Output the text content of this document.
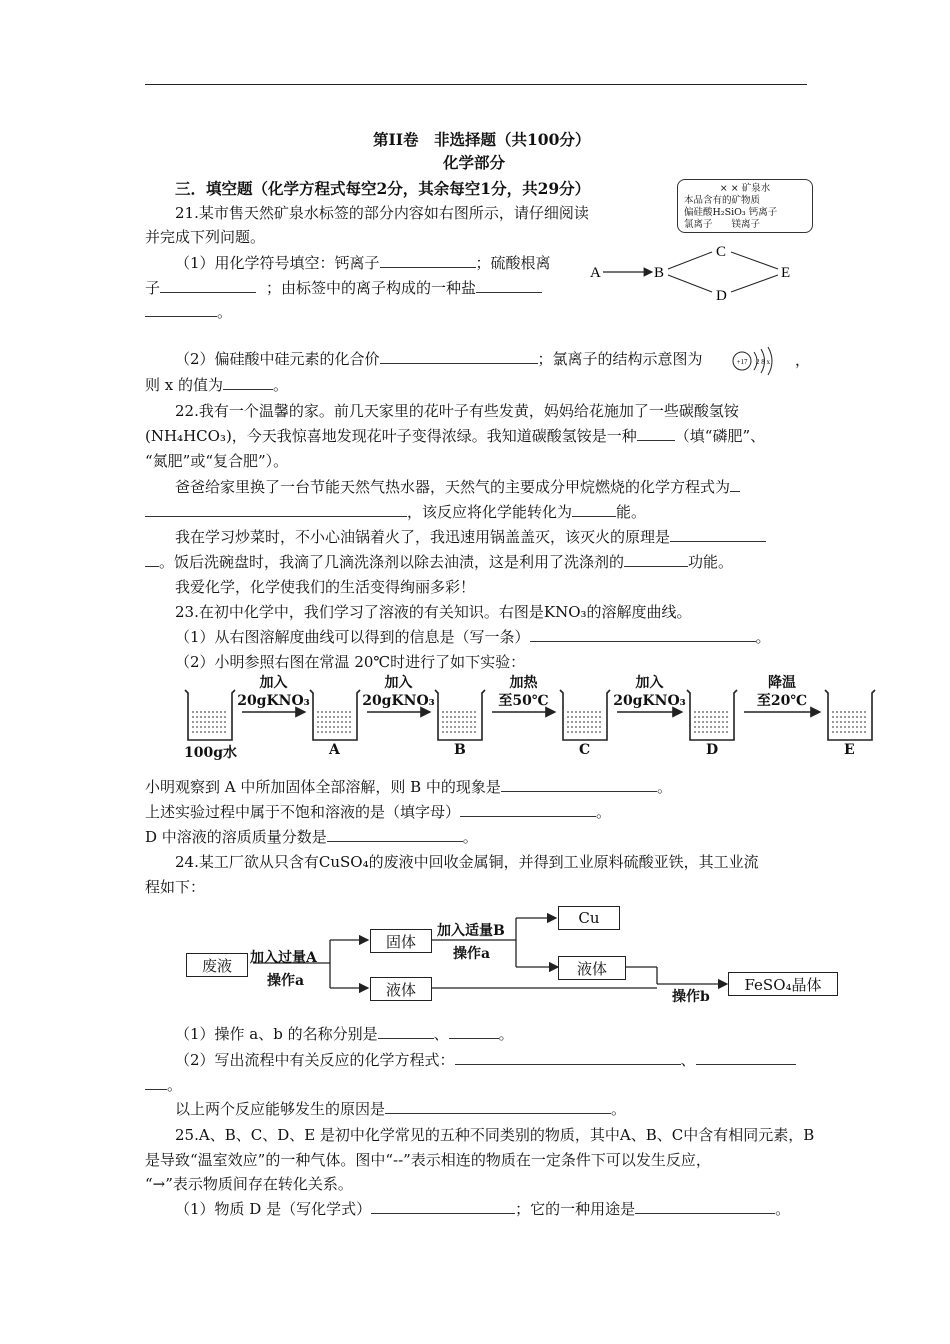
第II卷　非选择题（共100分）
化学部分
三．填空题（化学方程式每空2分，其余每空1分，共29分）	× × 矿泉水
本品含有的矿物质
偏硅酸H₂SiO₃ 钙离子
氯离子　　镁离子
21.某市售天然矿泉水标签的部分内容如右图所示，请仔细阅读
并完成下列问题。
（1）用化学符号填空：钙离子	；硫酸根离
子	；由标签中的离子构成的一种盐
。
（2）偏硅酸中硅元素的化合价	；氯离子的结构示意图为	+17 2 8 x ，
则 x 的值为	。
A	B
C
D
E
22.我有一个温馨的家。前几天家里的花叶子有些发黄，妈妈给花施加了一些碳酸氢铵
(NH₄HCO₃)，今天我惊喜地发现花叶子变得浓绿。我知道碳酸氢铵是一种	（填“磷肥”、
“氮肥”或“复合肥”）。
爸爸给家里换了一台节能天然气热水器，天然气的主要成分甲烷燃烧的化学方程式为
，该反应将化学能转化为	能。
我在学习炒菜时，不小心油锅着火了，我迅速用锅盖盖灭，该灭火的原理是
。饭后洗碗盘时，我滴了几滴洗涤剂以除去油渍，这是利用了洗涤剂的	功能。
我爱化学，化学使我们的生活变得绚丽多彩！
23.在初中化学中，我们学习了溶液的有关知识。右图是KNO₃的溶解度曲线。
（1）从右图溶解度曲线可以得到的信息是（写一条）	。
（2）小明参照右图在常温 20℃时进行了如下实验：
100g水	A	B	C	D	E
加入
20gKNO₃
加入
20gKNO₃
加热
至50℃
加入
20gKNO₃
降温
至20℃
小明观察到 A 中所加固体全部溶解，则 B 中的现象是	。
上述实验过程中属于不饱和溶液的是（填字母）	。
D 中溶液的溶质质量分数是	。
24.某工厂欲从只含有CuSO₄的废液中回收金属铜，并得到工业原料硫酸亚铁，其工业流
程如下：
废液	加入过量A
操作a
固体
液体
加入适量B
操作a
Cu
液体
操作b
FeSO₄晶体
（1）操作 a、b 的名称分别是	、	。
（2）写出流程中有关反应的化学方程式：	、
。
以上两个反应能够发生的原因是	。
25.A、B、C、D、E 是初中化学常见的五种不同类别的物质，其中A、B、C中含有相同元素，B
是导致“温室效应”的一种气体。图中“--”表示相连的物质在一定条件下可以发生反应，
“→”表示物质间存在转化关系。
（1）物质 D 是（写化学式）	；它的一种用途是	。
